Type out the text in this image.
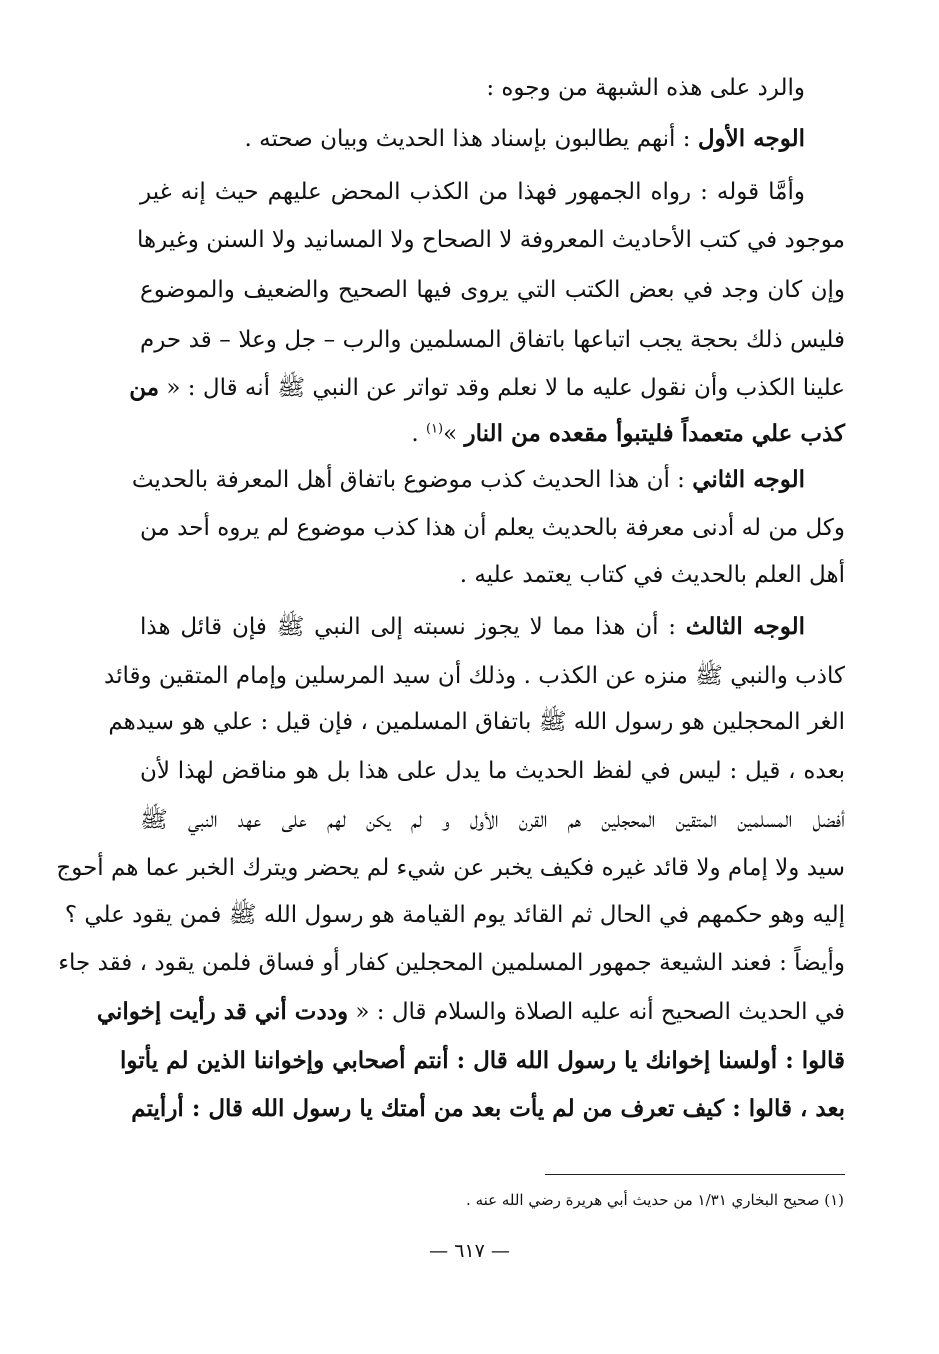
والرد على هذه الشبهة من وجوه :
الوجه الأول : أنهم يطالبون بإسناد هذا الحديث وبيان صحته .
وأمَّا قوله : رواه الجمهور فهذا من الكذب المحض عليهم حيث إنه غير
موجود في كتب الأحاديث المعروفة لا الصحاح ولا المسانيد ولا السنن وغيرها
وإن كان وجد في بعض الكتب التي يروى فيها الصحيح والضعيف والموضوع
فليس ذلك بحجة يجب اتباعها باتفاق المسلمين والرب – جل وعلا – قد حرم
علينا الكذب وأن نقول عليه ما لا نعلم وقد تواتر عن النبي ﷺ أنه قال : « من
كذب علي متعمداً فليتبوأ مقعده من النار »$^{(١)}$ .
الوجه الثاني : أن هذا الحديث كذب موضوع باتفاق أهل المعرفة بالحديث
وكل من له أدنى معرفة بالحديث يعلم أن هذا كذب موضوع لم يروه أحد من
أهل العلم بالحديث في كتاب يعتمد عليه .
الوجه الثالث : أن هذا مما لا يجوز نسبته إلى النبي ﷺ فإن قائل هذا
كاذب والنبي ﷺ منزه عن الكذب . وذلك أن سيد المرسلين وإمام المتقين وقائد
الغر المحجلين هو رسول الله ﷺ باتفاق المسلمين ، فإن قيل : علي هو سيدهم
بعده ، قيل : ليس في لفظ الحديث ما يدل على هذا بل هو مناقض لهذا لأن
أفضل المسلمين المتقين المحجلين هم القرن الأول و لم يكن لهم على عهد النبي ﷺ
سيد ولا إمام ولا قائد غيره فكيف يخبر عن شيء لم يحضر ويترك الخبر عما هم أحوج
إليه وهو حكمهم في الحال ثم القائد يوم القيامة هو رسول الله ﷺ فمن يقود علي ؟
وأيضاً : فعند الشيعة جمهور المسلمين المحجلين كفار أو فساق فلمن يقود ، فقد جاء
في الحديث الصحيح أنه عليه الصلاة والسلام قال : « وددت أني قد رأيت إخواني
قالوا : أولسنا إخوانك يا رسول الله قال : أنتم أصحابي وإخواننا الذين لم يأتوا
بعد ، قالوا : كيف تعرف من لم يأت بعد من أمتك يا رسول الله قال : أرأيتم
(١) صحيح البخاري ١/٣١ من حديث أبي هريرة رضي الله عنه .
— ٦١٧ —
